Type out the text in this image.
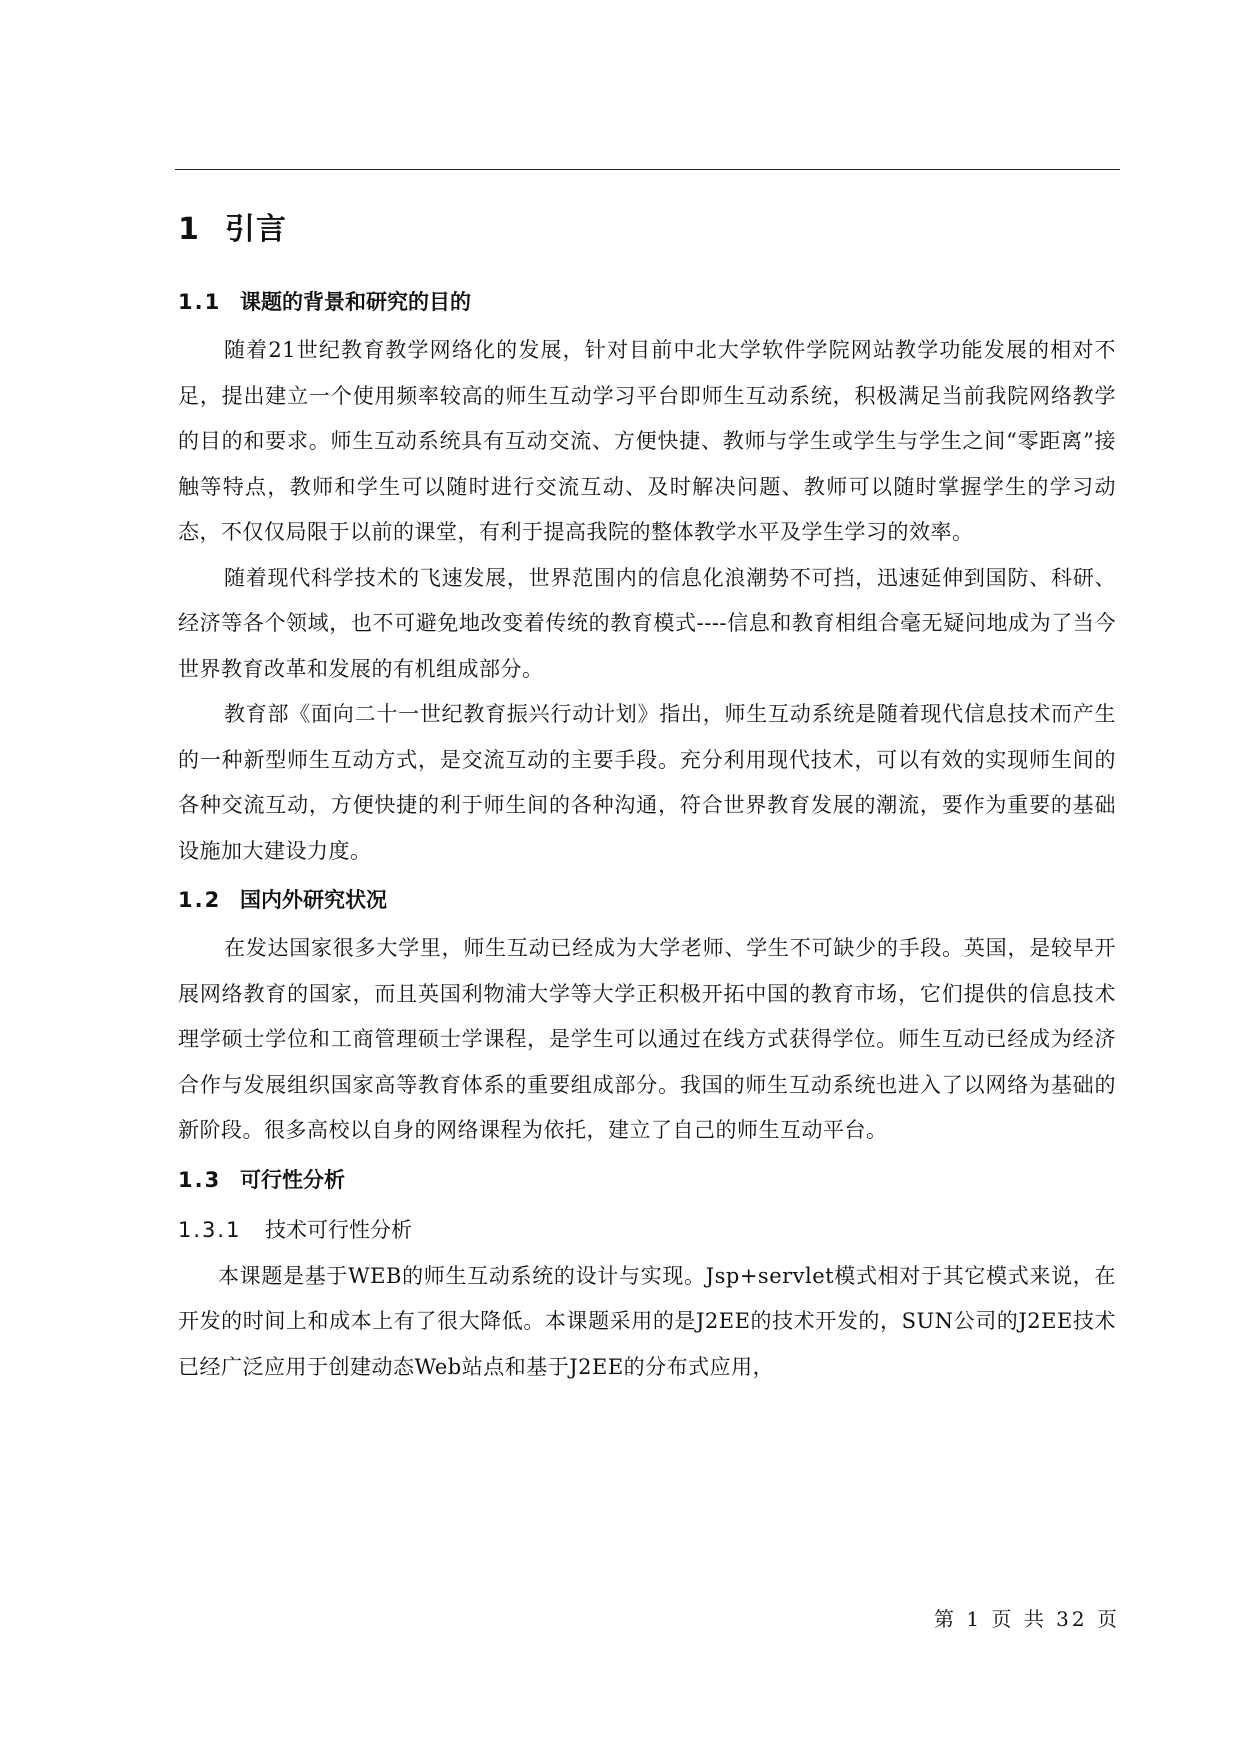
1 引言
1.1 课题的背景和研究的目的

随着21世纪教育教学网络化的发展，针对目前中北大学软件学院网站教学功能发展的相对不足，提出建立一个使用频率较高的师生互动学习平台即师生互动系统，积极满足当前我院网络教学的目的和要求。师生互动系统具有互动交流、方便快捷、教师与学生或学生与学生之间“零距离”接触等特点，教师和学生可以随时进行交流互动、及时解决问题、教师可以随时掌握学生的学习动态，不仅仅局限于以前的课堂，有利于提高我院的整体教学水平及学生学习的效率。

随着现代科学技术的飞速发展，世界范围内的信息化浪潮势不可挡，迅速延伸到国防、科研、经济等各个领域，也不可避免地改变着传统的教育模式----信息和教育相组合毫无疑问地成为了当今世界教育改革和发展的有机组成部分。

教育部《面向二十一世纪教育振兴行动计划》指出，师生互动系统是随着现代信息技术而产生的一种新型师生互动方式，是交流互动的主要手段。充分利用现代技术，可以有效的实现师生间的各种交流互动，方便快捷的利于师生间的各种沟通，符合世界教育发展的潮流，要作为重要的基础设施加大建设力度。

1.2 国内外研究状况

在发达国家很多大学里，师生互动已经成为大学老师、学生不可缺少的手段。英国，是较早开展网络教育的国家，而且英国利物浦大学等大学正积极开拓中国的教育市场，它们提供的信息技术理学硕士学位和工商管理硕士学课程，是学生可以通过在线方式获得学位。师生互动已经成为经济合作与发展组织国家高等教育体系的重要组成部分。我国的师生互动系统也进入了以网络为基础的新阶段。很多高校以自身的网络课程为依托，建立了自己的师生互动平台。

1.3 可行性分析
1.3.1 技术可行性分析

本课题是基于WEB的师生互动系统的设计与实现。Jsp+servlet模式相对于其它模式来说，在开发的时间上和成本上有了很大降低。本课题采用的是J2EE的技术开发的，SUN公司的J2EE技术已经广泛应用于创建动态Web站点和基于J2EE的分布式应用，

第 1 页 共 32 页
